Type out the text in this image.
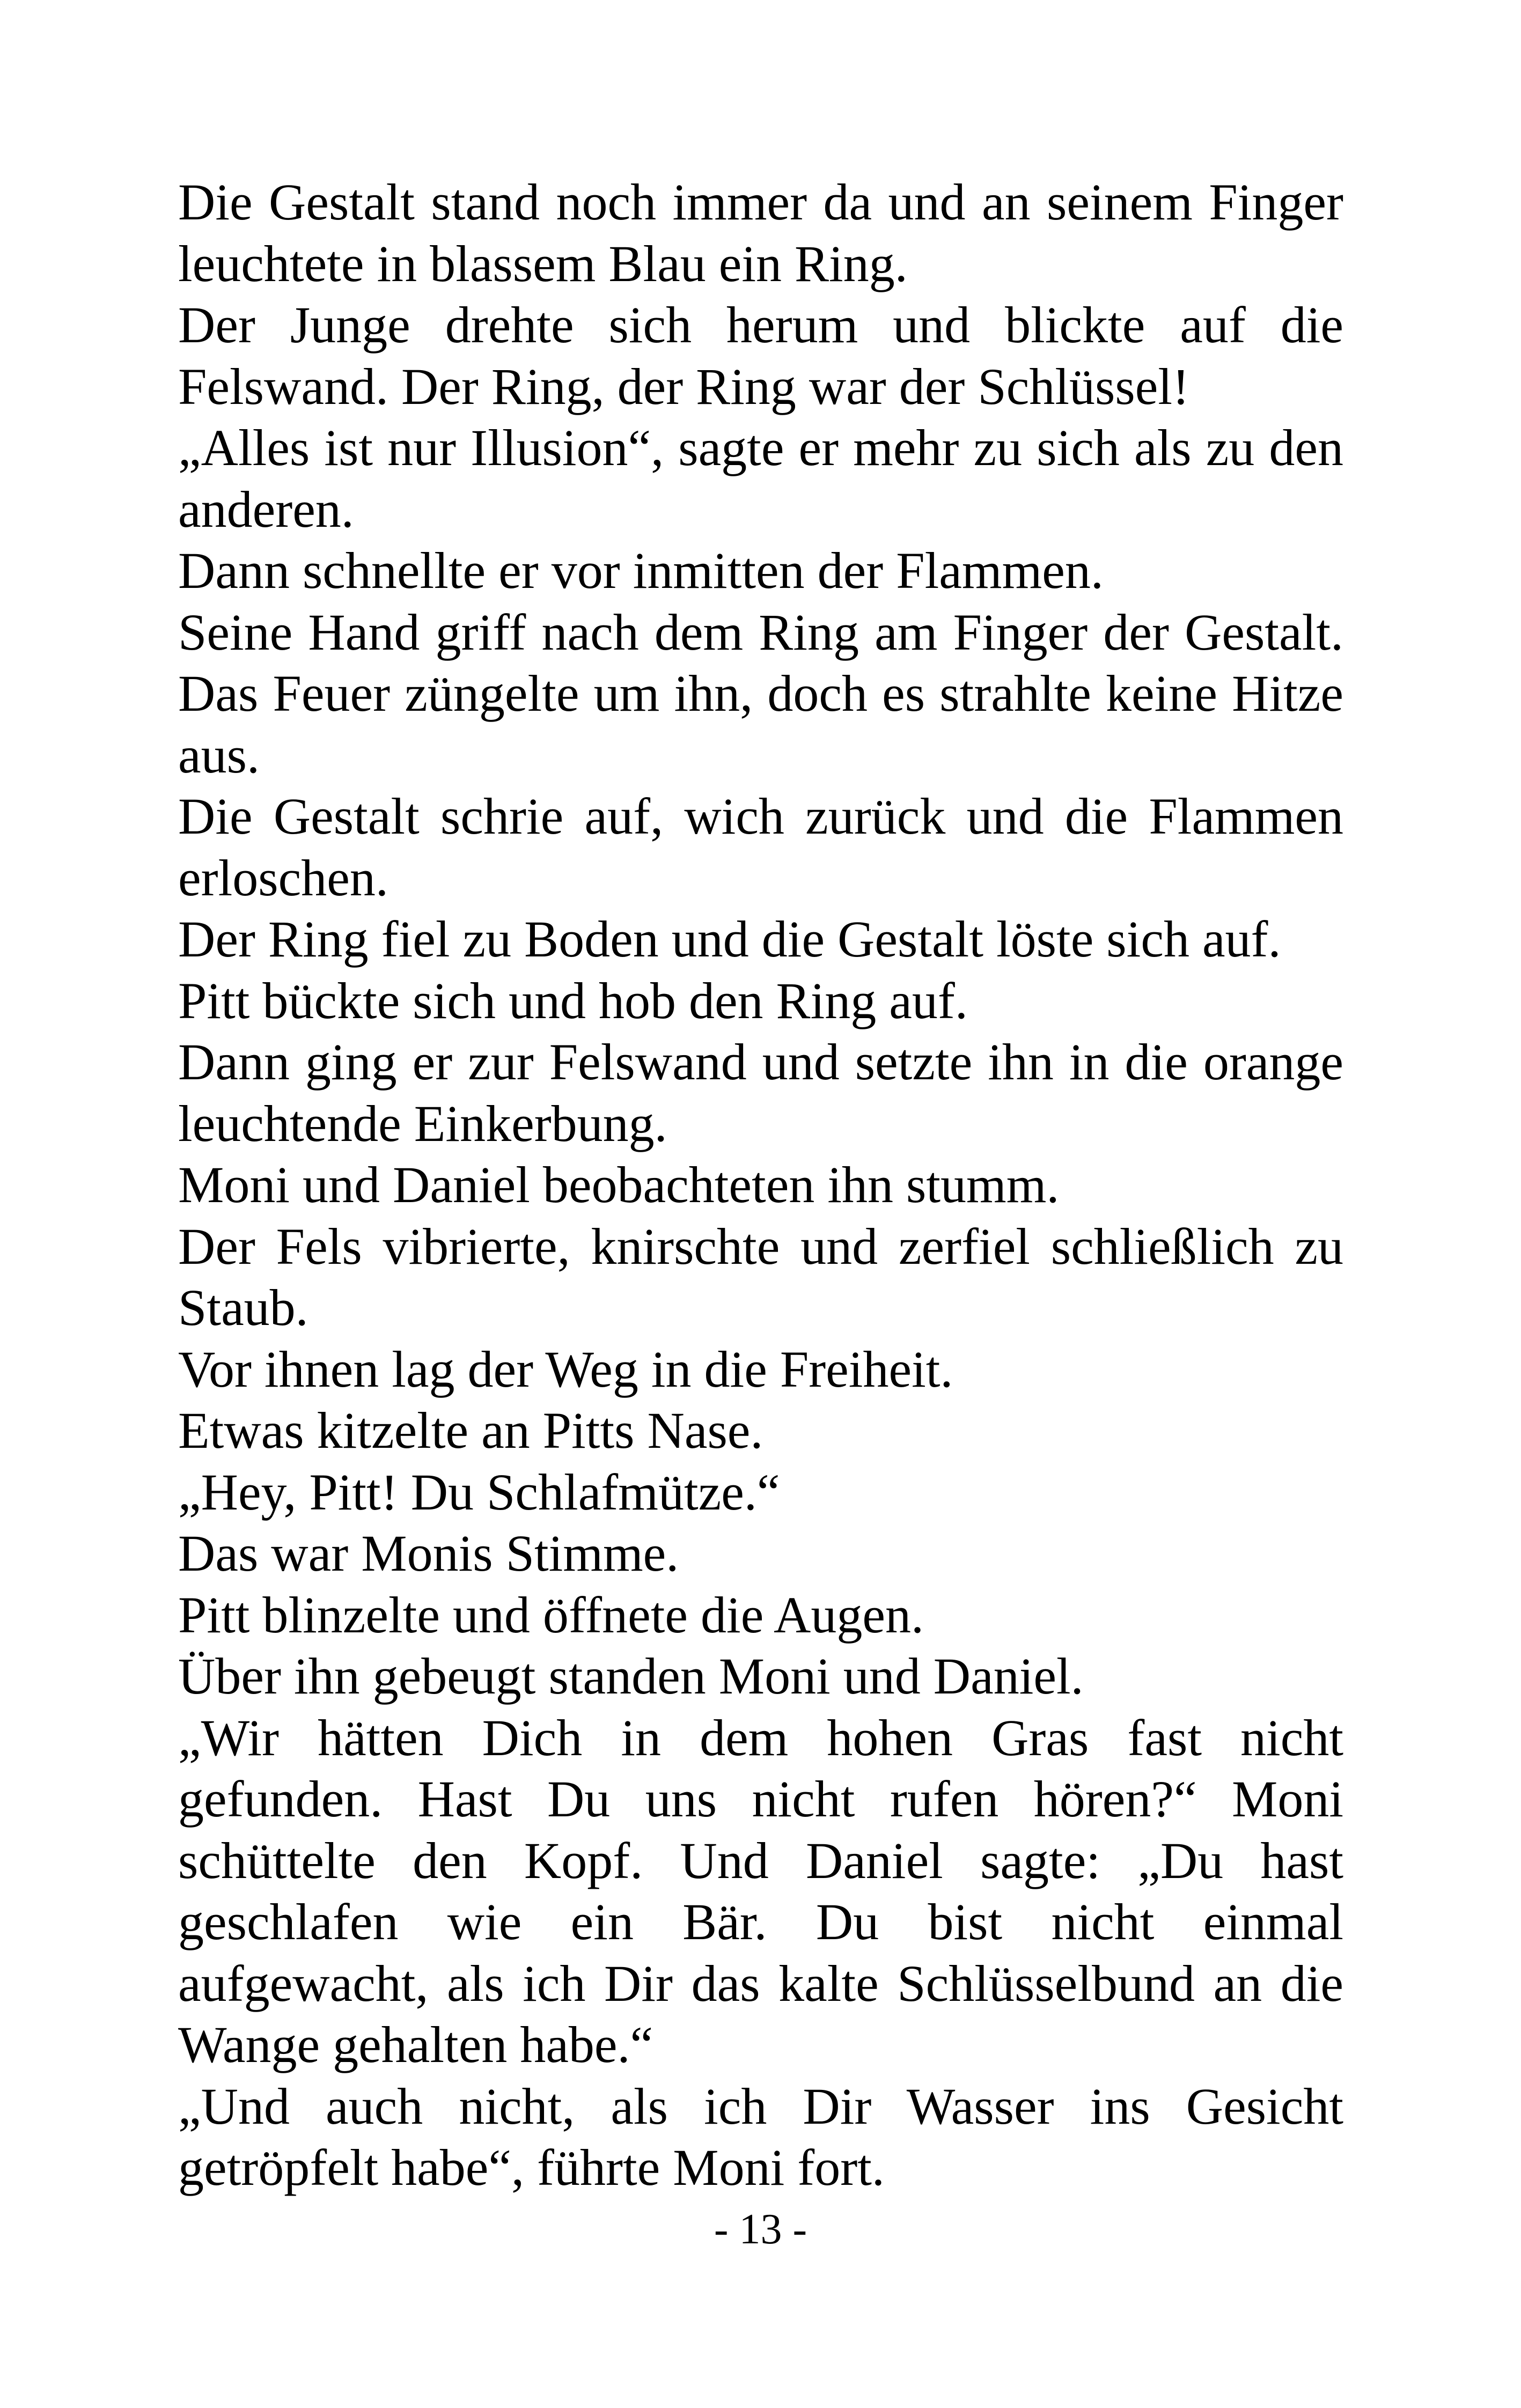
Die Gestalt stand noch immer da und an seinem Finger leuchtete in blassem Blau ein Ring.

Der Junge drehte sich herum und blickte auf die Felswand. Der Ring, der Ring war der Schlüssel!

„Alles ist nur Illusion“, sagte er mehr zu sich als zu den anderen.

Dann schnellte er vor inmitten der Flammen.

Seine Hand griff nach dem Ring am Finger der Gestalt. Das Feuer züngelte um ihn, doch es strahlte keine Hitze aus.

Die Gestalt schrie auf, wich zurück und die Flammen erloschen.

Der Ring fiel zu Boden und die Gestalt löste sich auf.

Pitt bückte sich und hob den Ring auf.

Dann ging er zur Felswand und setzte ihn in die orange leuchtende Einkerbung.

Moni und Daniel beobachteten ihn stumm.

Der Fels vibrierte, knirschte und zerfiel schließlich zu Staub.

Vor ihnen lag der Weg in die Freiheit.

Etwas kitzelte an Pitts Nase.

„Hey, Pitt! Du Schlafmütze.“

Das war Monis Stimme.

Pitt blinzelte und öffnete die Augen.

Über ihn gebeugt standen Moni und Daniel.

„Wir hätten Dich in dem hohen Gras fast nicht gefunden. Hast Du uns nicht rufen hören?“ Moni schüttelte den Kopf. Und Daniel sagte: „Du hast geschlafen wie ein Bär. Du bist nicht einmal aufgewacht, als ich Dir das kalte Schlüsselbund an die Wange gehalten habe.“

„Und auch nicht, als ich Dir Wasser ins Gesicht getröpfelt habe“, führte Moni fort.

- 13 -
